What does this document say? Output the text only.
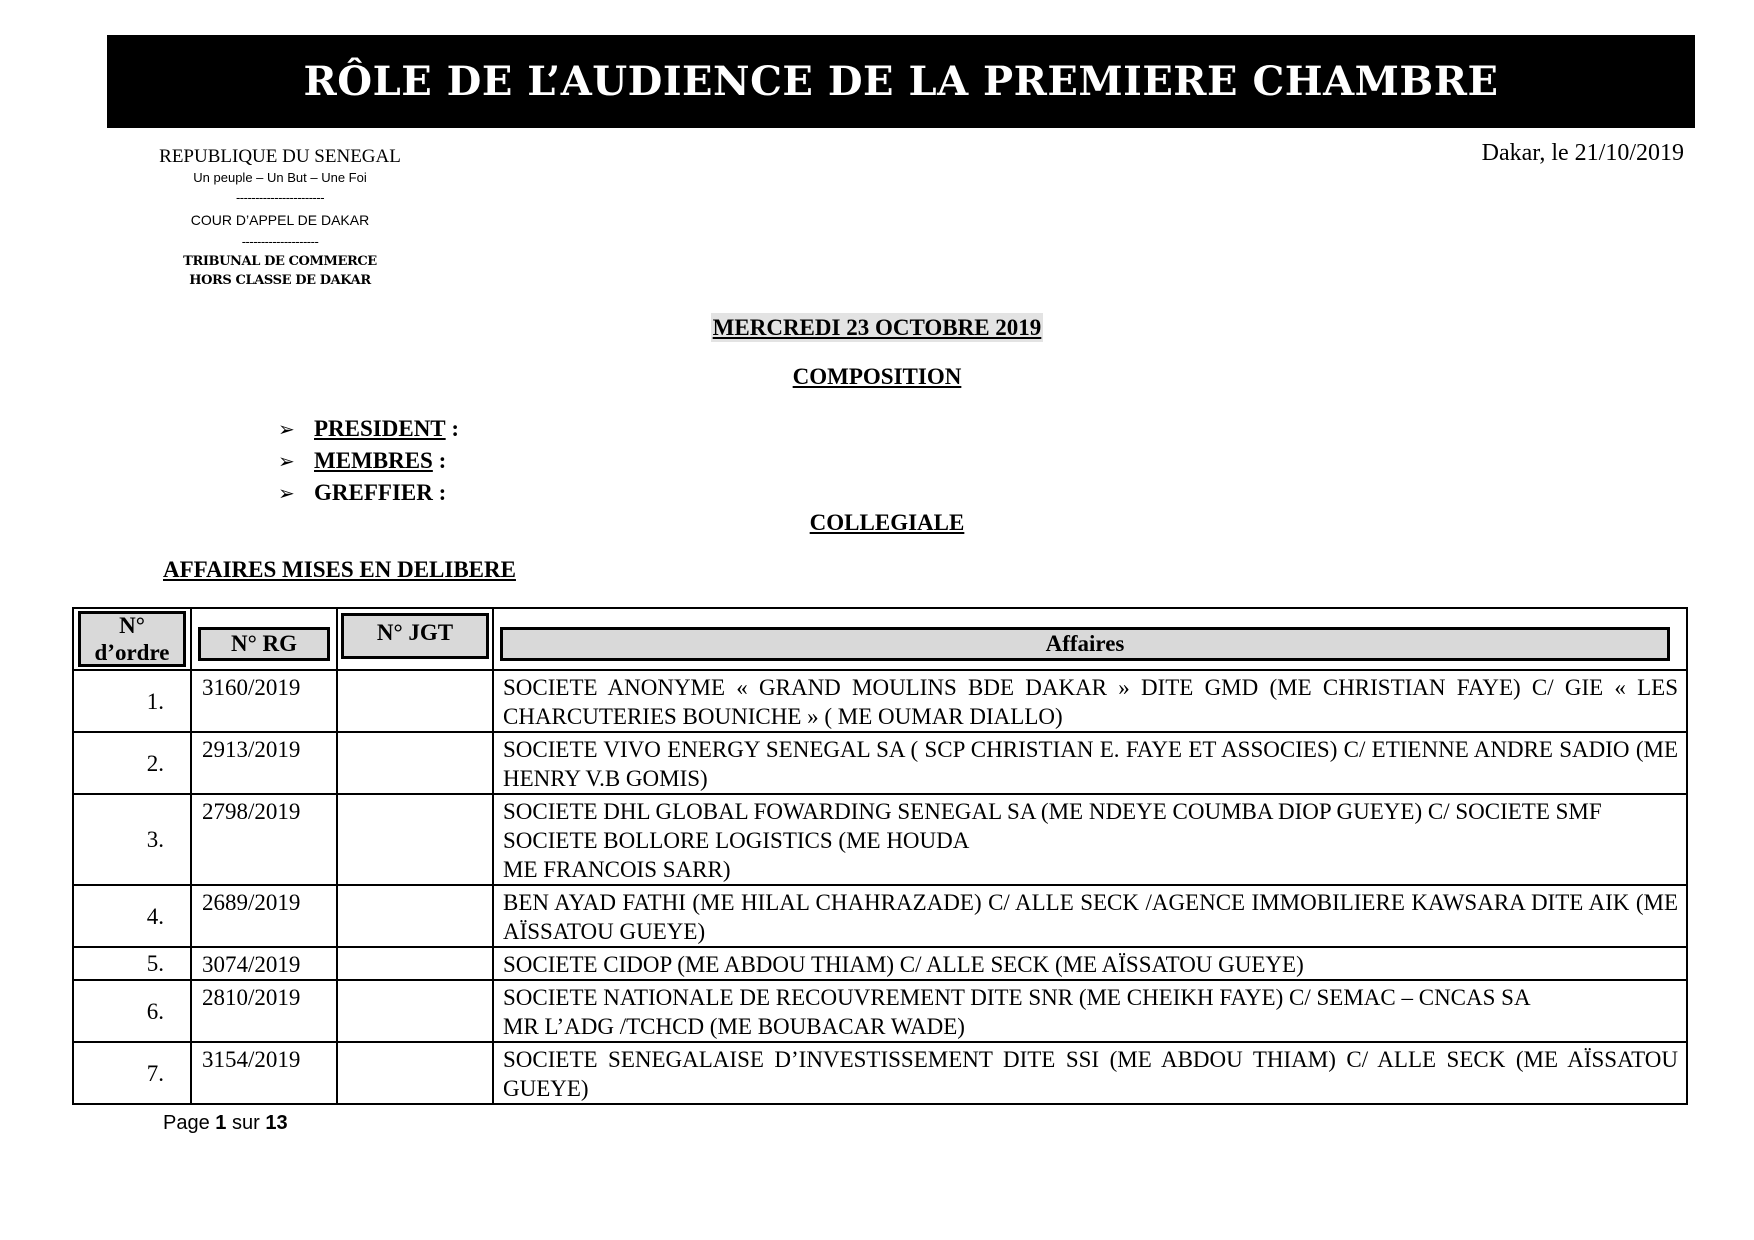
RÔLE DE L’AUDIENCE DE LA PREMIERE CHAMBRE
REPUBLIQUE DU SENEGAL
Un peuple – Un But – Une Foi
-----------------------
COUR D’APPEL DE DAKAR
--------------------
TRIBUNAL DE COMMERCE
HORS CLASSE DE DAKAR
Dakar, le 21/10/2019
MERCREDI 23 OCTOBRE 2019
COMPOSITION
➢ PRESIDENT :
➢ MEMBRES :
➢ GREFFIER :
COLLEGIALE
AFFAIRES MISES EN DELIBERE
N°
d’ordre	N° RG	N° JGT	Affaires

1.	3160/2019		SOCIETE ANONYME « GRAND MOULINS BDE DAKAR » DITE GMD (ME CHRISTIAN FAYE) C/ GIE « LES CHARCUTERIES BOUNICHE » ( ME OUMAR DIALLO)

2.	2913/2019		SOCIETE VIVO ENERGY SENEGAL SA ( SCP CHRISTIAN E. FAYE ET ASSOCIES) C/ ETIENNE ANDRE SADIO (ME HENRY V.B GOMIS)

3.	2798/2019		SOCIETE DHL GLOBAL FOWARDING SENEGAL SA (ME NDEYE COUMBA DIOP GUEYE) C/ SOCIETE SMF
SOCIETE BOLLORE LOGISTICS (ME HOUDA
ME FRANCOIS SARR)

4.	2689/2019		BEN AYAD FATHI (ME HILAL CHAHRAZADE) C/ ALLE SECK /AGENCE IMMOBILIERE KAWSARA DITE AIK (ME AÏSSATOU GUEYE)

5.	3074/2019		SOCIETE CIDOP (ME ABDOU THIAM) C/ ALLE SECK (ME AÏSSATOU GUEYE)

6.	2810/2019		SOCIETE NATIONALE DE RECOUVREMENT DITE SNR (ME CHEIKH FAYE) C/ SEMAC – CNCAS SA
MR L’ADG /TCHCD (ME BOUBACAR WADE)

7.	3154/2019		SOCIETE SENEGALAISE D’INVESTISSEMENT DITE SSI (ME ABDOU THIAM) C/ ALLE SECK (ME AÏSSATOU GUEYE)
Page 1 sur 13
